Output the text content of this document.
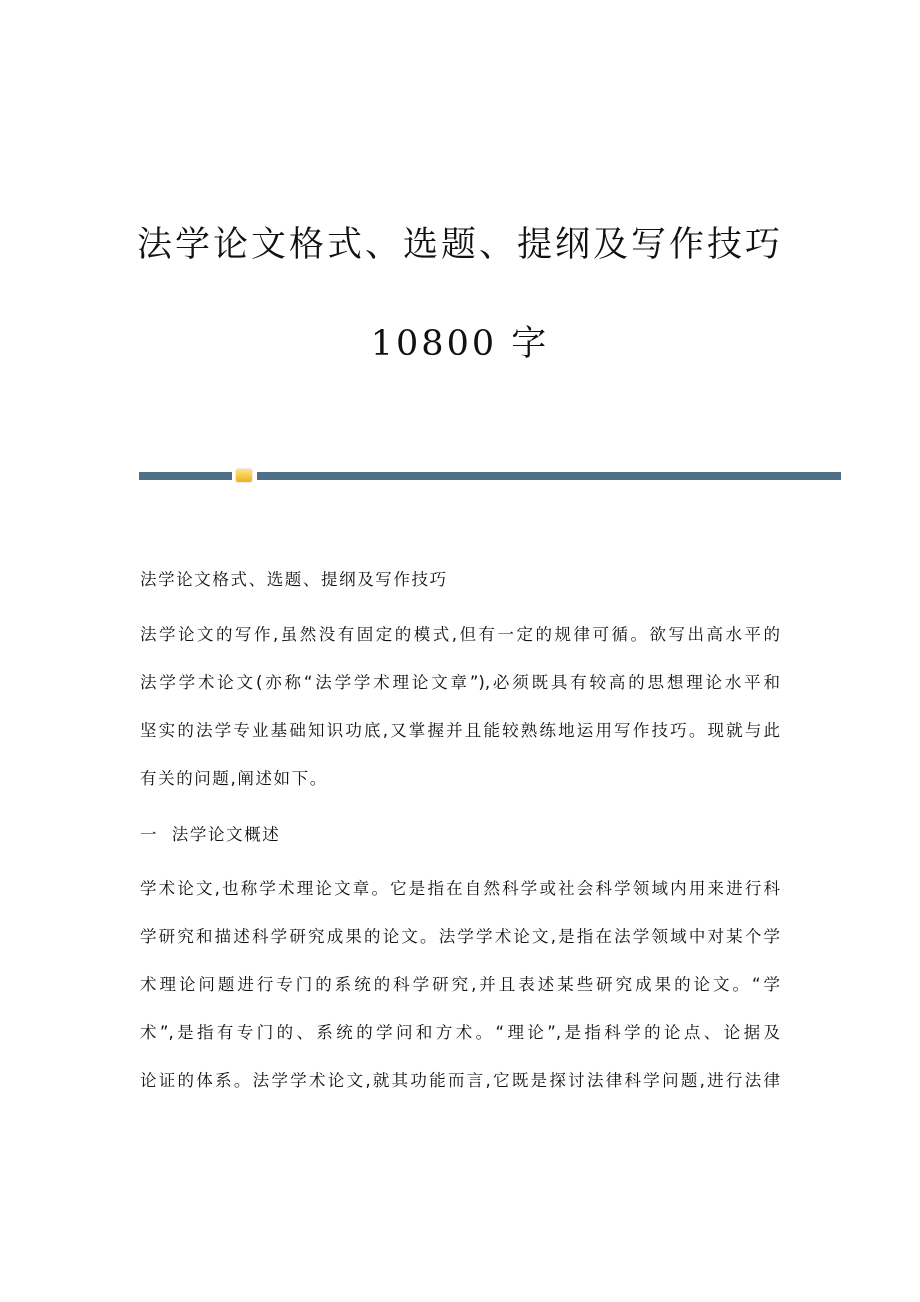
法学论文格式、选题、提纲及写作技巧
10800 字
法学论文格式、选题、提纲及写作技巧
法学论文的写作,虽然没有固定的模式,但有一定的规律可循。欲写出高水平的
法学学术论文(亦称“法学学术理论文章”),必须既具有较高的思想理论水平和
坚实的法学专业基础知识功底,又掌握并且能较熟练地运用写作技巧。现就与此
有关的问题,阐述如下。
一  法学论文概述
学术论文,也称学术理论文章。它是指在自然科学或社会科学领域内用来进行科
学研究和描述科学研究成果的论文。法学学术论文,是指在法学领域中对某个学
术理论问题进行专门的系统的科学研究,并且表述某些研究成果的论文。“学
术”,是指有专门的、系统的学问和方术。“理论”,是指科学的论点、论据及
论证的体系。法学学术论文,就其功能而言,它既是探讨法律科学问题,进行法律
